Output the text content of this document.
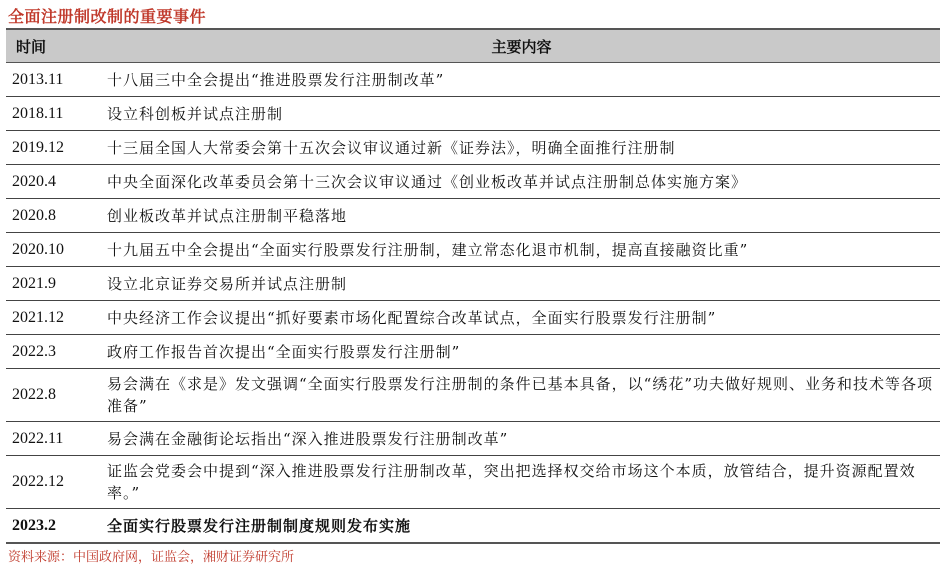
全面注册制改制的重要事件
时间	主要内容
2013.11	十八届三中全会提出“推进股票发行注册制改革”
2018.11	设立科创板并试点注册制
2019.12	十三届全国人大常委会第十五次会议审议通过新《证券法》，明确全面推行注册制
2020.4	中央全面深化改革委员会第十三次会议审议通过《创业板改革并试点注册制总体实施方案》
2020.8	创业板改革并试点注册制平稳落地
2020.10	十九届五中全会提出“全面实行股票发行注册制，建立常态化退市机制，提高直接融资比重”
2021.9	设立北京证券交易所并试点注册制
2021.12	中央经济工作会议提出“抓好要素市场化配置综合改革试点，全面实行股票发行注册制”
2022.3	政府工作报告首次提出“全面实行股票发行注册制”
2022.8	易会满在《求是》发文强调“全面实行股票发行注册制的条件已基本具备，以“绣花”功夫做好规则、业务和技术等各项准备”
2022.11	易会满在金融街论坛指出“深入推进股票发行注册制改革”
2022.12	证监会党委会中提到“深入推进股票发行注册制改革，突出把选择权交给市场这个本质，放管结合，提升资源配置效率。”
2023.2	全面实行股票发行注册制制度规则发布实施
资料来源：中国政府网，证监会，湘财证券研究所
